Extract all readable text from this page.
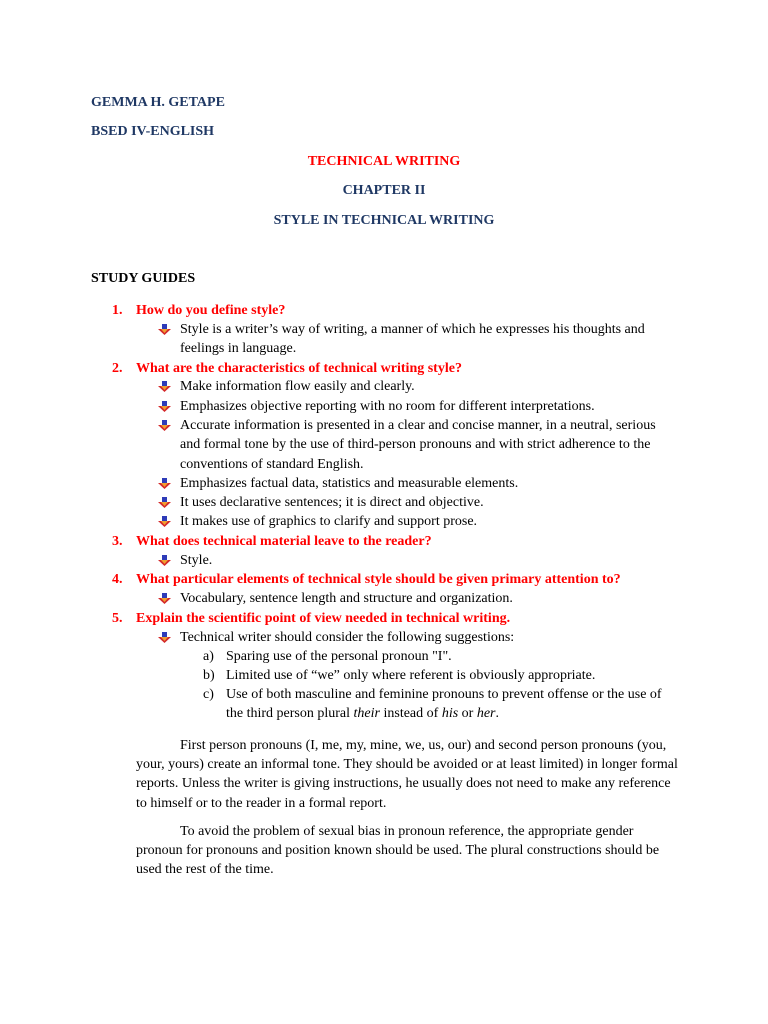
GEMMA H. GETAPE
BSED IV-ENGLISH
TECHNICAL WRITING
CHAPTER II
STYLE IN TECHNICAL WRITING
STUDY GUIDES
1. How do you define style?
Style is a writer’s way of writing, a manner of which he expresses his thoughts and feelings in language.
2. What are the characteristics of technical writing style?
Make information flow easily and clearly.
Emphasizes objective reporting with no room for different interpretations.
Accurate information is presented in a clear and concise manner, in a neutral, serious and formal tone by the use of third-person pronouns and with strict adherence to the conventions of standard English.
Emphasizes factual data, statistics and measurable elements.
It uses declarative sentences; it is direct and objective.
It makes use of graphics to clarify and support prose.
3. What does technical material leave to the reader?
Style.
4. What particular elements of technical style should be given primary attention to?
Vocabulary, sentence length and structure and organization.
5. Explain the scientific point of view needed in technical writing.
Technical writer should consider the following suggestions:
a) Sparing use of the personal pronoun "I".
b) Limited use of “we” only where referent is obviously appropriate.
c) Use of both masculine and feminine pronouns to prevent offense or the use of the third person plural their instead of his or her.
First person pronouns (I, me, my, mine, we, us, our) and second person pronouns (you, your, yours) create an informal tone. They should be avoided or at least limited) in longer formal reports. Unless the writer is giving instructions, he usually does not need to make any reference to himself or to the reader in a formal report.
To avoid the problem of sexual bias in pronoun reference, the appropriate gender pronoun for pronouns and position known should be used. The plural constructions should be used the rest of the time.
